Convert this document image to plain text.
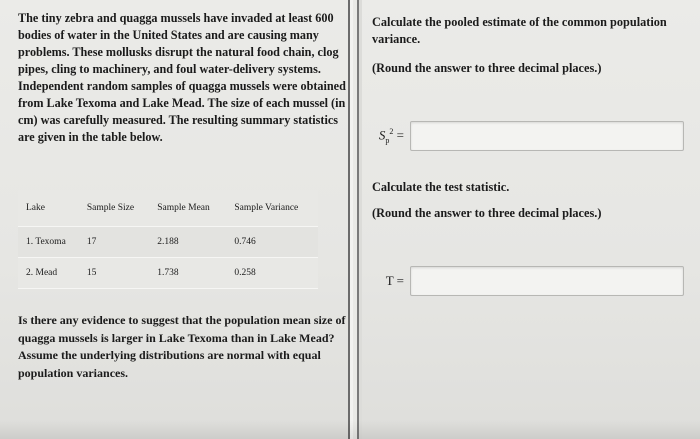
The tiny zebra and quagga mussels have invaded at least 600 bodies of water in the United States and are causing many problems. These mollusks disrupt the natural food chain, clog pipes, cling to machinery, and foul water-delivery systems. Independent random samples of quagga mussels were obtained from Lake Texoma and Lake Mead. The size of each mussel (in cm) was carefully measured. The resulting summary statistics are given in the table below.

Lake	Sample Size	Sample Mean	Sample Variance
1. Texoma	17	2.188	0.746
2. Mead	15	1.738	0.258

Is there any evidence to suggest that the population mean size of quagga mussels is larger in Lake Texoma than in Lake Mead? Assume the underlying distributions are normal with equal population variances.

Calculate the pooled estimate of the common population variance.

(Round the answer to three decimal places.)

$S_p^2$ =

Calculate the test statistic.

(Round the answer to three decimal places.)

T =
